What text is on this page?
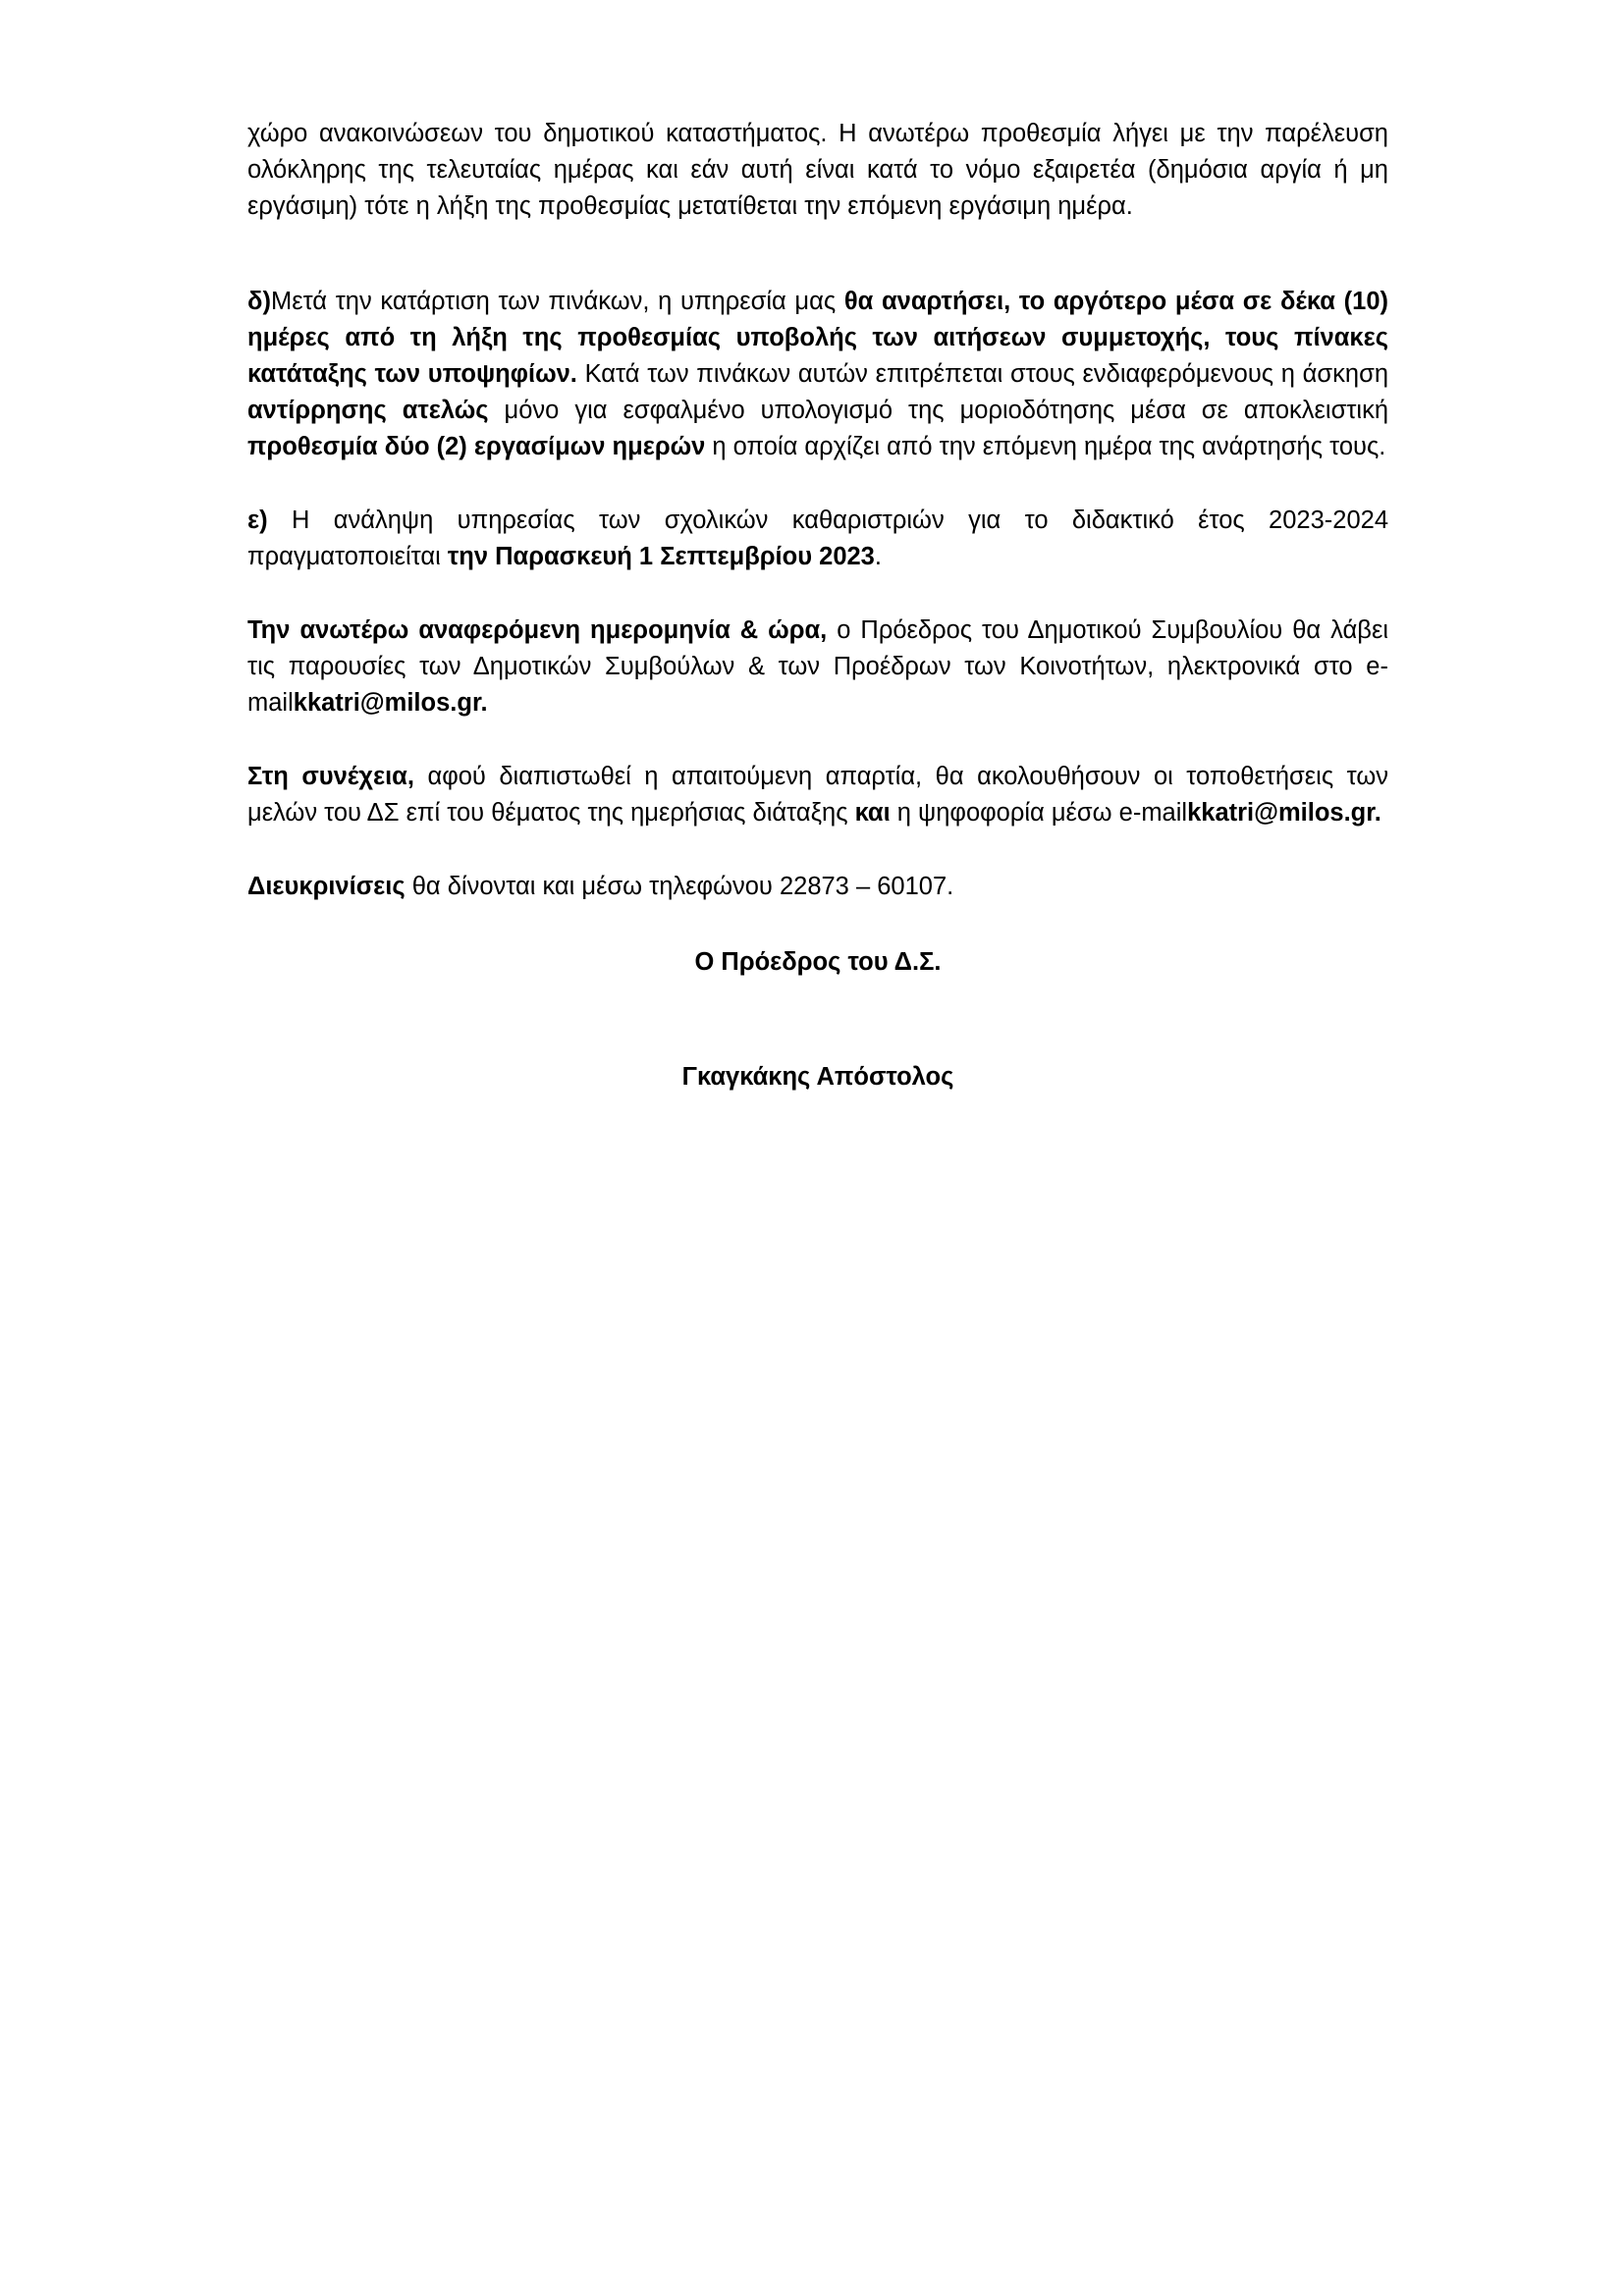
χώρο ανακοινώσεων του δημοτικού καταστήματος. Η ανωτέρω προθεσμία λήγει με την παρέλευση ολόκληρης της τελευταίας ημέρας και εάν αυτή είναι κατά το νόμο εξαιρετέα (δημόσια αργία ή μη εργάσιμη) τότε η λήξη της προθεσμίας μετατίθεται την επόμενη εργάσιμη ημέρα.

δ)Μετά την κατάρτιση των πινάκων, η υπηρεσία μας θα αναρτήσει, το αργότερο μέσα σε δέκα (10) ημέρες από τη λήξη της προθεσμίας υποβολής των αιτήσεων συμμετοχής, τους πίνακες κατάταξης των υποψηφίων. Κατά των πινάκων αυτών επιτρέπεται στους ενδιαφερόμενους η άσκηση αντίρρησης ατελώς μόνο για εσφαλμένο υπολογισμό της μοριοδότησης μέσα σε αποκλειστική προθεσμία δύο (2) εργασίμων ημερών η οποία αρχίζει από την επόμενη ημέρα της ανάρτησής τους.

ε) Η ανάληψη υπηρεσίας των σχολικών καθαριστριών για το διδακτικό έτος 2023-2024 πραγματοποιείται την Παρασκευή 1 Σεπτεμβρίου 2023.

Την ανωτέρω αναφερόμενη ημερομηνία & ώρα, ο Πρόεδρος του Δημοτικού Συμβουλίου θα λάβει τις παρουσίες των Δημοτικών Συμβούλων & των Προέδρων των Κοινοτήτων, ηλεκτρονικά στο e-mailkkatri@milos.gr.

Στη συνέχεια, αφού διαπιστωθεί η απαιτούμενη απαρτία, θα ακολουθήσουν οι τοποθετήσεις των μελών του ΔΣ επί του θέματος της ημερήσιας διάταξης και η ψηφοφορία μέσω e-mailkkatri@milos.gr.

Διευκρινίσεις θα δίνονται και μέσω τηλεφώνου 22873 – 60107.

Ο Πρόεδρος του Δ.Σ.

Γκαγκάκης Απόστολος
